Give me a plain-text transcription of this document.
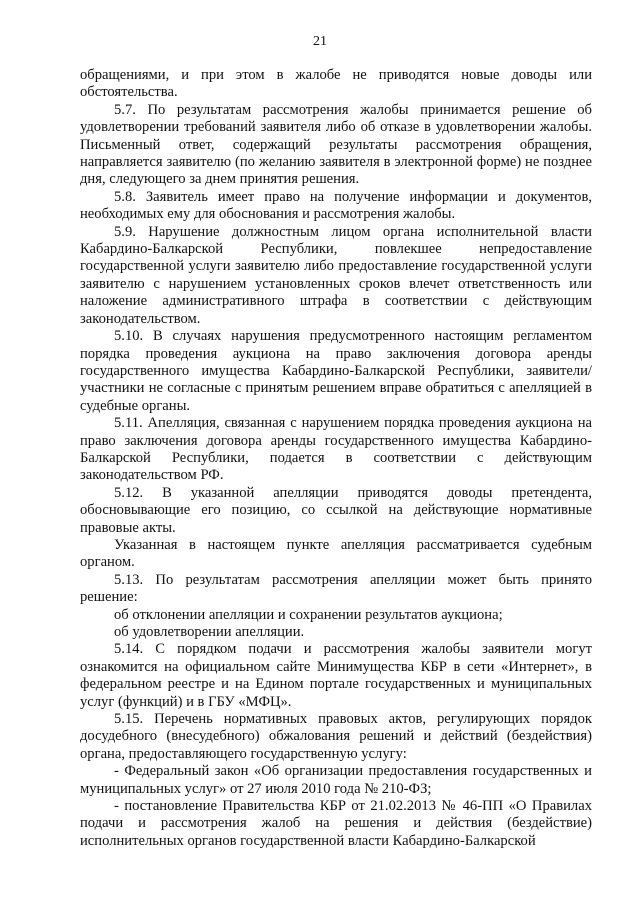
21

обращениями, и при этом в жалобе не приводятся новые доводы или обстоятельства.

5.7. По результатам рассмотрения жалобы принимается решение об удовлетворении требований заявителя либо об отказе в удовлетворении жалобы. Письменный ответ, содержащий результаты рассмотрения обращения, направляется заявителю (по желанию заявителя в электронной форме) не позднее дня, следующего за днем принятия решения.

5.8. Заявитель имеет право на получение информации и документов, необходимых ему для обоснования и рассмотрения жалобы.

5.9. Нарушение должностным лицом органа исполнительной власти Кабардино-Балкарской Республики, повлекшее непредоставление государственной услуги заявителю либо предоставление государственной услуги заявителю с нарушением установленных сроков влечет ответственность или наложение административного штрафа в соответствии с действующим законодательством.

5.10. В случаях нарушения предусмотренного настоящим регламентом порядка проведения аукциона на право заключения договора аренды государственного имущества Кабардино-Балкарской Республики, заявители/участники не согласные с принятым решением вправе обратиться с апелляцией в судебные органы.

5.11. Апелляция, связанная с нарушением порядка проведения аукциона на право заключения договора аренды государственного имущества Кабардино-Балкарской Республики, подается в соответствии с действующим законодательством РФ.

5.12. В указанной апелляции приводятся доводы претендента, обосновывающие его позицию, со ссылкой на действующие нормативные правовые акты.

Указанная в настоящем пункте апелляция рассматривается судебным органом.

5.13. По результатам рассмотрения апелляции может быть принято решение:

об отклонении апелляции и сохранении результатов аукциона;

об удовлетворении апелляции.

5.14. С порядком подачи и рассмотрения жалобы заявители могут ознакомится на официальном сайте Минимущества КБР в сети «Интернет», в федеральном реестре и на Едином портале государственных и муниципальных услуг (функций) и в ГБУ «МФЦ».

5.15. Перечень нормативных правовых актов, регулирующих порядок досудебного (внесудебного) обжалования решений и действий (бездействия) органа, предоставляющего государственную услугу:

- Федеральный закон «Об организации предоставления государственных и муниципальных услуг» от 27 июля 2010 года № 210-ФЗ;

- постановление Правительства КБР от 21.02.2013 № 46-ПП «О Правилах подачи и рассмотрения жалоб на решения и действия (бездействие) исполнительных органов государственной власти Кабардино-Балкарской
